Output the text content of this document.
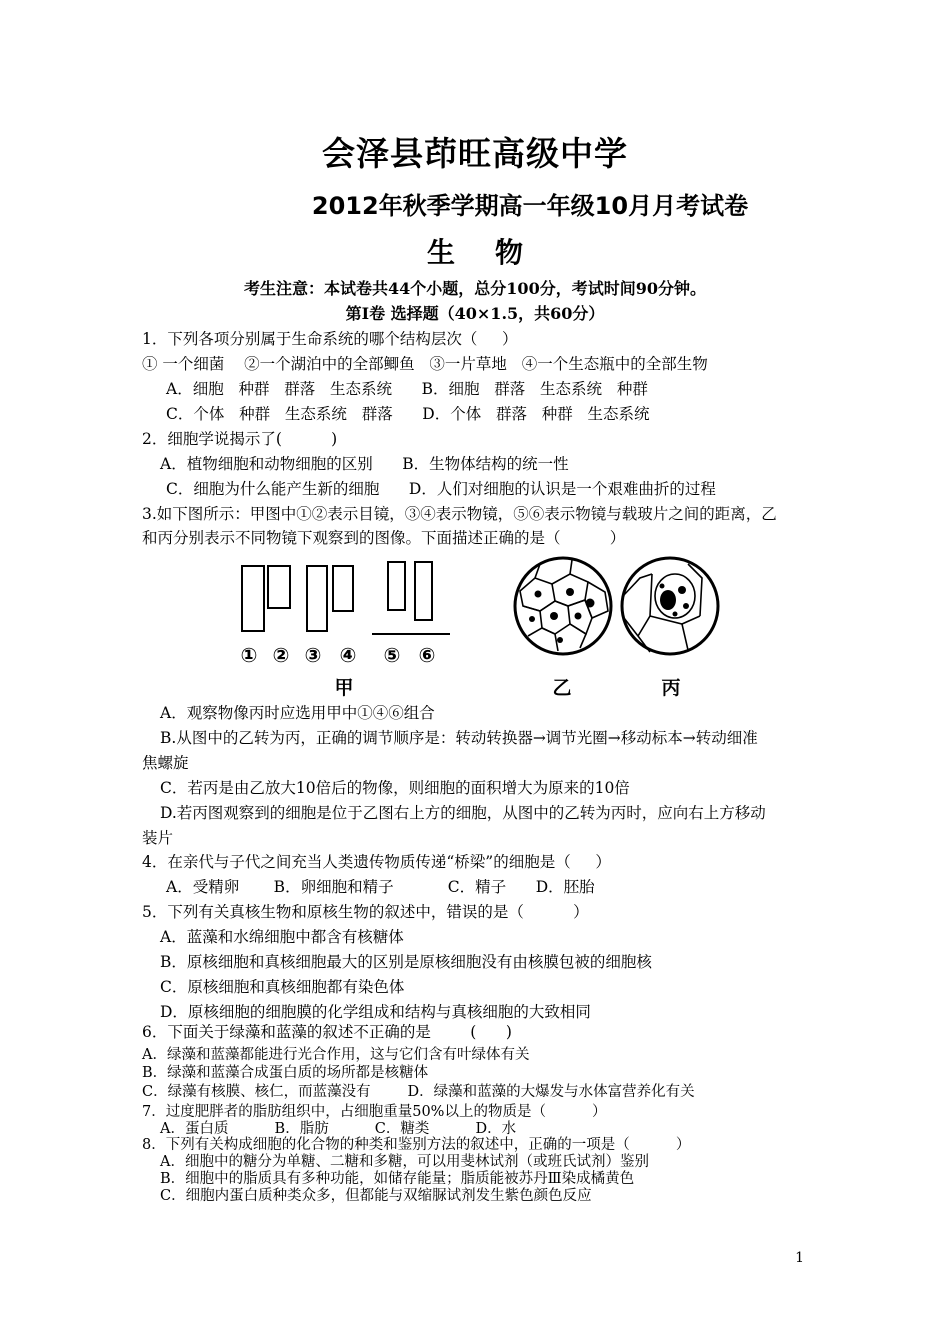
会泽县茚旺高级中学
2012年秋季学期高一年级10月月考试卷
生物
考生注意：本试卷共44个小题，总分100分，考试时间90分钟。
第Ⅰ卷 选择题（40×1.5，共60分）
1．下列各项分别属于生命系统的哪个结构层次（     ）
① 一个细菌    ②一个湖泊中的全部鲫鱼   ③一片草地   ④一个生态瓶中的全部生物
A．细胞   种群   群落   生态系统      B．细胞   群落   生态系统   种群
C．个体   种群   生态系统   群落      D．个体   群落   种群   生态系统
2．细胞学说揭示了(          )
A．植物细胞和动物细胞的区别      B．生物体结构的统一性
C．细胞为什么能产生新的细胞      D．人们对细胞的认识是一个艰难曲折的过程
3.如下图所示：甲图中①②表示目镜，③④表示物镜，⑤⑥表示物镜与载玻片之间的距离，乙
和丙分别表示不同物镜下观察到的图像。下面描述正确的是（          ）
① ② ③ ④ ⑤ ⑥
甲	乙	丙
A．观察物像丙时应选用甲中①④⑥组合
B.从图中的乙转为丙，正确的调节顺序是：转动转换器→调节光圈→移动标本→转动细准
焦螺旋
C．若丙是由乙放大10倍后的物像，则细胞的面积增大为原来的10倍
D.若丙图观察到的细胞是位于乙图右上方的细胞，从图中的乙转为丙时，应向右上方移动
装片
4．在亲代与子代之间充当人类遗传物质传递“桥梁”的细胞是（     ）
A．受精卵       B．卵细胞和精子           C．精子      D．胚胎
5．下列有关真核生物和原核生物的叙述中，错误的是（          ）
A．蓝藻和水绵细胞中都含有核糖体
B．原核细胞和真核细胞最大的区别是原核细胞没有由核膜包被的细胞核
C．原核细胞和真核细胞都有染色体
D．原核细胞的细胞膜的化学组成和结构与真核细胞的大致相同
6．下面关于绿藻和蓝藻的叙述不正确的是        (      )
A．绿藻和蓝藻都能进行光合作用，这与它们含有叶绿体有关
B．绿藻和蓝藻合成蛋白质的场所都是核糖体
C．绿藻有核膜、核仁，而蓝藻没有        D．绿藻和蓝藻的大爆发与水体富营养化有关
7．过度肥胖者的脂肪组织中，占细胞重量50%以上的物质是（          ）
A．蛋白质          B．脂肪          C．糖类          D．水
8．下列有关构成细胞的化合物的种类和鉴别方法的叙述中，正确的一项是（          ）
A．细胞中的糖分为单糖、二糖和多糖，可以用斐林试剂（或班氏试剂）鉴别
B．细胞中的脂质具有多种功能，如储存能量；脂质能被苏丹Ⅲ染成橘黄色
C．细胞内蛋白质种类众多，但都能与双缩脲试剂发生紫色颜色反应
1
